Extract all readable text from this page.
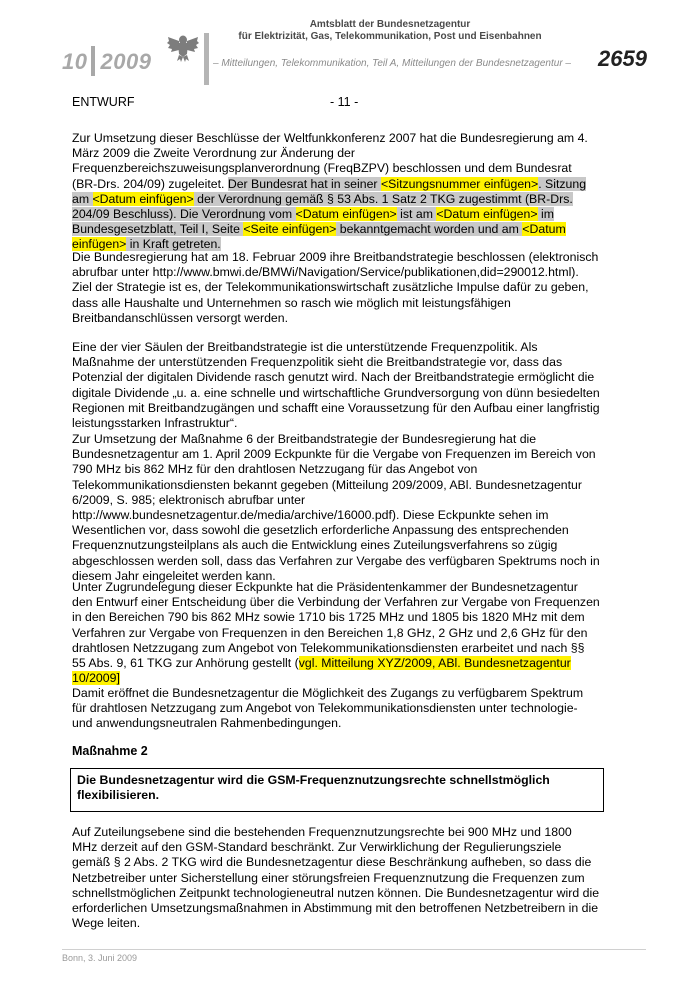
10 2009
Amtsblatt der Bundesnetzagentur
für Elektrizität, Gas, Telekommunikation, Post und Eisenbahnen
– Mitteilungen, Telekommunikation, Teil A, Mitteilungen der Bundesnetzagentur – 2659
ENTWURF	- 11 -

Zur Umsetzung dieser Beschlüsse der Weltfunkkonferenz 2007 hat die Bundesregierung am 4. März 2009 die Zweite Verordnung zur Änderung der Frequenzbereichszuweisungsplanverordnung (FreqBZPV) beschlossen und dem Bundesrat (BR-Drs. 204/09) zugeleitet. Der Bundesrat hat in seiner <Sitzungsnummer einfügen>. Sitzung am <Datum einfügen> der Verordnung gemäß § 53 Abs. 1 Satz 2 TKG zugestimmt (BR-Drs. 204/09 Beschluss). Die Verordnung vom <Datum einfügen> ist am <Datum einfügen> im Bundesgesetzblatt, Teil I, Seite <Seite einfügen> bekanntgemacht worden und am <Datum einfügen> in Kraft getreten.

Die Bundesregierung hat am 18. Februar 2009 ihre Breitbandstrategie beschlossen (elektronisch abrufbar unter http://www.bmwi.de/BMWi/Navigation/Service/publikationen,did=290012.html). Ziel der Strategie ist es, der Telekommunikationswirtschaft zusätzliche Impulse dafür zu geben, dass alle Haushalte und Unternehmen so rasch wie möglich mit leistungsfähigen Breitbandanschlüssen versorgt werden.

Eine der vier Säulen der Breitbandstrategie ist die unterstützende Frequenzpolitik. Als Maßnahme der unterstützenden Frequenzpolitik sieht die Breitbandstrategie vor, dass das Potenzial der digitalen Dividende rasch genutzt wird. Nach der Breitbandstrategie ermöglicht die digitale Dividende „u. a. eine schnelle und wirtschaftliche Grundversorgung von dünn besiedelten Regionen mit Breitbandzugängen und schafft eine Voraussetzung für den Aufbau einer langfristig leistungsstarken Infrastruktur“.

Zur Umsetzung der Maßnahme 6 der Breitbandstrategie der Bundesregierung hat die Bundesnetzagentur am 1. April 2009 Eckpunkte für die Vergabe von Frequenzen im Bereich von 790 MHz bis 862 MHz für den drahtlosen Netzzugang für das Angebot von Telekommunikationsdiensten bekannt gegeben (Mitteilung 209/2009, ABl. Bundesnetzagentur 6/2009, S. 985; elektronisch abrufbar unter http://www.bundesnetzagentur.de/media/archive/16000.pdf). Diese Eckpunkte sehen im Wesentlichen vor, dass sowohl die gesetzlich erforderliche Anpassung des entsprechenden Frequenznutzungsteilplans als auch die Entwicklung eines Zuteilungsverfahrens so zügig abgeschlossen werden soll, dass das Verfahren zur Vergabe des verfügbaren Spektrums noch in diesem Jahr eingeleitet werden kann.

Unter Zugrundelegung dieser Eckpunkte hat die Präsidentenkammer der Bundesnetzagentur den Entwurf einer Entscheidung über die Verbindung der Verfahren zur Vergabe von Frequenzen in den Bereichen 790 bis 862 MHz sowie 1710 bis 1725 MHz und 1805 bis 1820 MHz mit dem Verfahren zur Vergabe von Frequenzen in den Bereichen 1,8 GHz, 2 GHz und 2,6 GHz für den drahtlosen Netzzugang zum Angebot von Telekommunikationsdiensten erarbeitet und nach §§ 55 Abs. 9, 61 TKG zur Anhörung gestellt (vgl. Mitteilung XYZ/2009, ABl. Bundesnetzagentur 10/2009]

Damit eröffnet die Bundesnetzagentur die Möglichkeit des Zugangs zu verfügbarem Spektrum für drahtlosen Netzzugang zum Angebot von Telekommunikationsdiensten unter technologie- und anwendungsneutralen Rahmenbedingungen.

Maßnahme 2
Die Bundesnetzagentur wird die GSM-Frequenznutzungsrechte schnellstmöglich flexibilisieren.

Auf Zuteilungsebene sind die bestehenden Frequenznutzungsrechte bei 900 MHz und 1800 MHz derzeit auf den GSM-Standard beschränkt. Zur Verwirklichung der Regulierungsziele gemäß § 2 Abs. 2 TKG wird die Bundesnetzagentur diese Beschränkung aufheben, so dass die Netzbetreiber unter Sicherstellung einer störungsfreien Frequenznutzung die Frequenzen zum schnellstmöglichen Zeitpunkt technologieneutral nutzen können. Die Bundesnetzagentur wird die erforderlichen Umsetzungsmaßnahmen in Abstimmung mit den betroffenen Netzbetreibern in die Wege leiten.

Bonn, 3. Juni 2009
